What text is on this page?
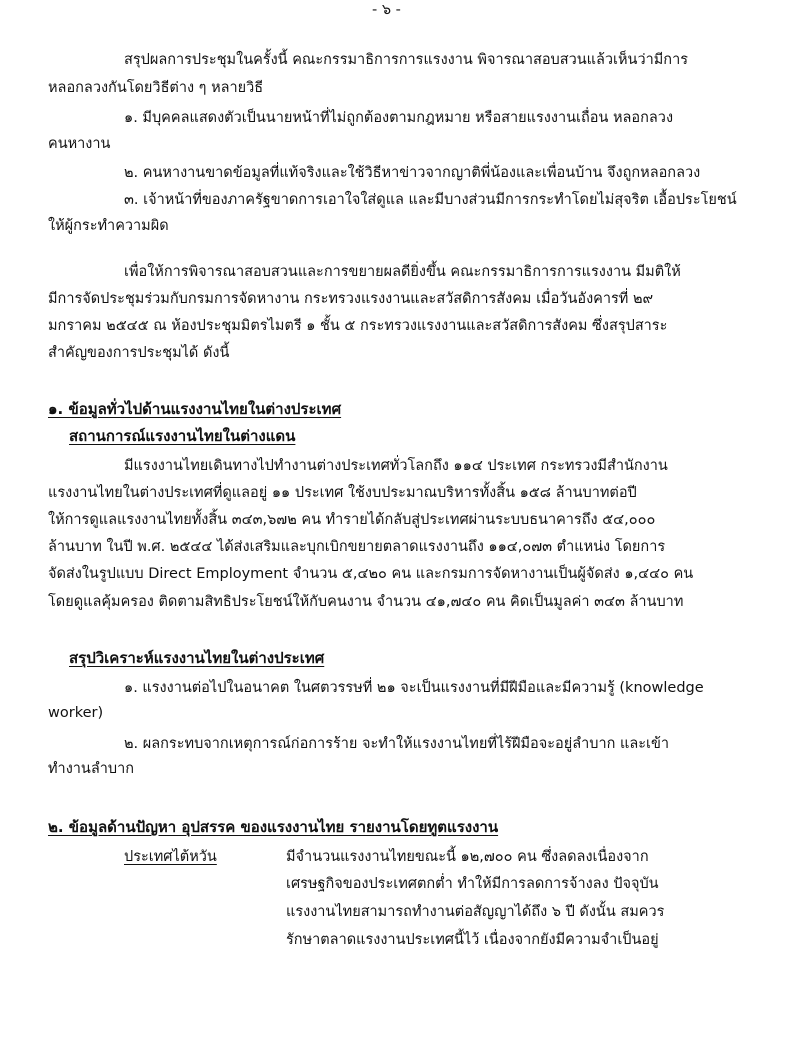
- ๖ -
สรุปผลการประชุมในครั้งนี้ คณะกรรมาธิการการแรงงาน พิจารณาสอบสวนแล้วเห็นว่ามีการ
หลอกลวงกันโดยวิธีต่าง ๆ หลายวิธี
๑. มีบุคคลแสดงตัวเป็นนายหน้าที่ไม่ถูกต้องตามกฎหมาย หรือสายแรงงานเถื่อน หลอกลวง
คนหางาน
๒. คนหางานขาดข้อมูลที่แท้จริงและใช้วิธีหาข่าวจากญาติพี่น้องและเพื่อนบ้าน จึงถูกหลอกลวง
๓. เจ้าหน้าที่ของภาครัฐขาดการเอาใจใส่ดูแล และมีบางส่วนมีการกระทำโดยไม่สุจริต เอื้อประโยชน์
ให้ผู้กระทำความผิด
เพื่อให้การพิจารณาสอบสวนและการขยายผลดียิ่งขึ้น คณะกรรมาธิการการแรงงาน มีมติให้
มีการจัดประชุมร่วมกับกรมการจัดหางาน กระทรวงแรงงานและสวัสดิการสังคม เมื่อวันอังคารที่ ๒๙
มกราคม ๒๕๔๕ ณ ห้องประชุมมิตรไมตรี ๑ ชั้น ๕ กระทรวงแรงงานและสวัสดิการสังคม ซึ่งสรุปสาระ
สำคัญของการประชุมได้ ดังนี้
๑. ข้อมูลทั่วไปด้านแรงงานไทยในต่างประเทศ
สถานการณ์แรงงานไทยในต่างแดน
มีแรงงานไทยเดินทางไปทำงานต่างประเทศทั่วโลกถึง ๑๑๔ ประเทศ กระทรวงมีสำนักงาน
แรงงานไทยในต่างประเทศที่ดูแลอยู่ ๑๑ ประเทศ ใช้งบประมาณบริหารทั้งสิ้น ๑๕๘ ล้านบาทต่อปี
ให้การดูแลแรงงานไทยทั้งสิ้น ๓๔๓,๖๗๒ คน ทำรายได้กลับสู่ประเทศผ่านระบบธนาคารถึง ๕๔,๐๐๐
ล้านบาท ในปี พ.ศ. ๒๕๔๔ ได้ส่งเสริมและบุกเบิกขยายตลาดแรงงานถึง ๑๑๔,๐๗๓ ตำแหน่ง โดยการ
จัดส่งในรูปแบบ Direct Employment จำนวน ๕,๔๒๐ คน และกรมการจัดหางานเป็นผู้จัดส่ง ๑,๔๔๐ คน
โดยดูแลคุ้มครอง ติดตามสิทธิประโยชน์ให้กับคนงาน จำนวน ๔๑,๗๔๐ คน คิดเป็นมูลค่า ๓๔๓ ล้านบาท
สรุปวิเคราะห์แรงงานไทยในต่างประเทศ
๑. แรงงานต่อไปในอนาคต ในศตวรรษที่ ๒๑ จะเป็นแรงงานที่มีฝีมือและมีความรู้ (knowledge
worker)
๒. ผลกระทบจากเหตุการณ์ก่อการร้าย จะทำให้แรงงานไทยที่ไร้ฝีมือจะอยู่ลำบาก และเข้า
ทำงานลำบาก
๒. ข้อมูลด้านปัญหา อุปสรรค ของแรงงานไทย รายงานโดยทูตแรงงาน
ประเทศไต้หวัน	มีจำนวนแรงงานไทยขณะนี้ ๑๒,๗๐๐ คน ซึ่งลดลงเนื่องจาก
เศรษฐกิจของประเทศตกต่ำ ทำให้มีการลดการจ้างลง ปัจจุบัน
แรงงานไทยสามารถทำงานต่อสัญญาได้ถึง ๖ ปี ดังนั้น สมควร
รักษาตลาดแรงงานประเทศนี้ไว้ เนื่องจากยังมีความจำเป็นอยู่
